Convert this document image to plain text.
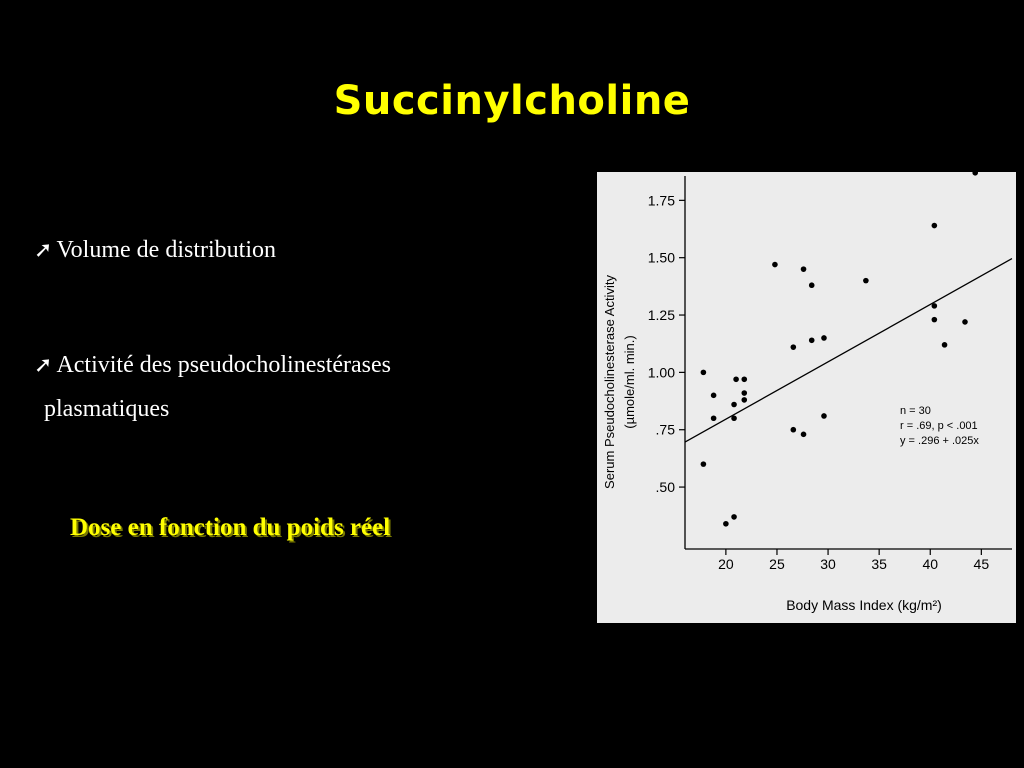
Succinylcholine
➚ Volume de distribution
➚ Activité des pseudocholinestérases
plasmatiques
Dose en fonction du poids réel
.50
.75
1.00
1.25
1.50
1.75
20	25	30	35	40	45
Serum Pseudocholinesterase Activity (µmole/ml. min.)
Body Mass Index (kg/m²)
n = 30
r = .69, p < .001
y = .296 + .025x
